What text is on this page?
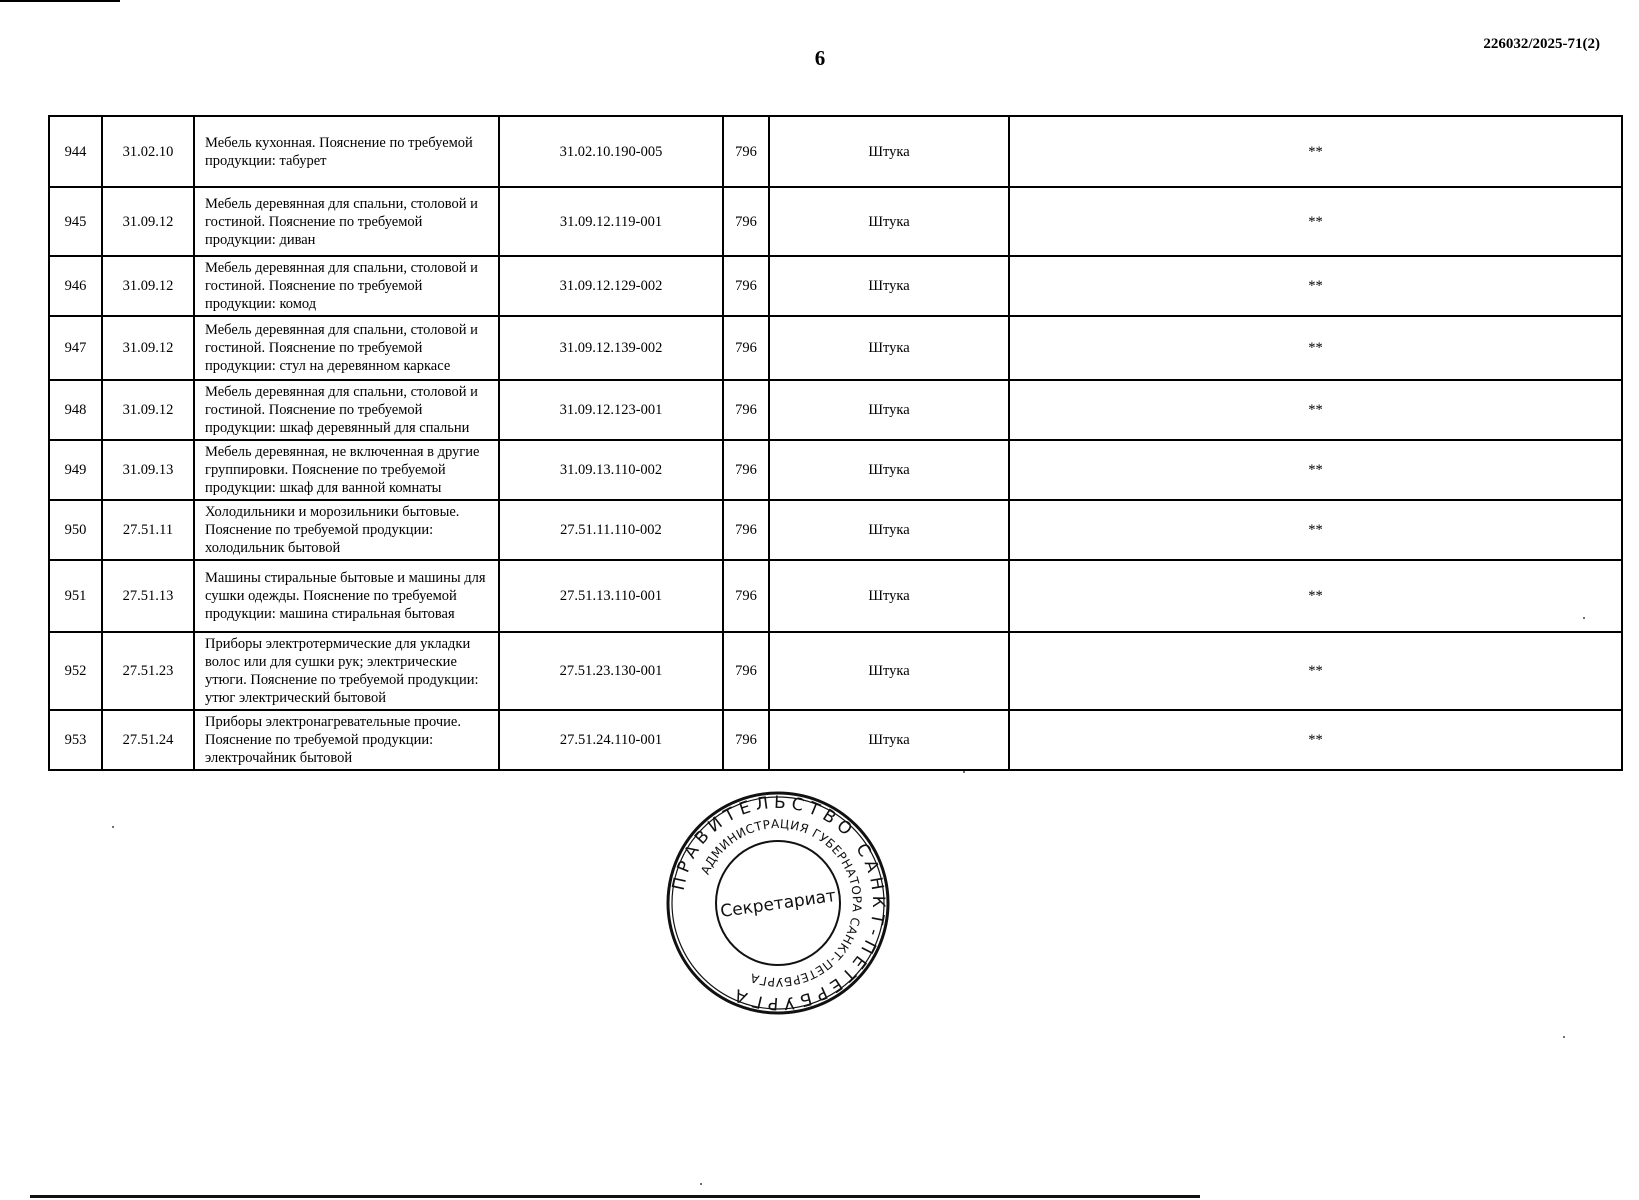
6
226032/2025-71(2)
944	31.02.10	Мебель кухонная. Пояснение по требуемой продукции: табурет	31.02.10.190-005	796	Штука	**
945	31.09.12	Мебель деревянная для спальни, столовой и гостиной. Пояснение по требуемой продукции: диван	31.09.12.119-001	796	Штука	**
946	31.09.12	Мебель деревянная для спальни, столовой и гостиной. Пояснение по требуемой продукции: комод	31.09.12.129-002	796	Штука	**
947	31.09.12	Мебель деревянная для спальни, столовой и гостиной. Пояснение по требуемой продукции: стул на деревянном каркасе	31.09.12.139-002	796	Штука	**
948	31.09.12	Мебель деревянная для спальни, столовой и гостиной. Пояснение по требуемой продукции: шкаф деревянный для спальни	31.09.12.123-001	796	Штука	**
949	31.09.13	Мебель деревянная, не включенная в другие группировки. Пояснение по требуемой продукции: шкаф для ванной комнаты	31.09.13.110-002	796	Штука	**
950	27.51.11	Холодильники и морозильники бытовые. Пояснение по требуемой продукции: холодильник бытовой	27.51.11.110-002	796	Штука	**
951	27.51.13	Машины стиральные бытовые и машины для сушки одежды. Пояснение по требуемой продукции: машина стиральная бытовая	27.51.13.110-001	796	Штука	**
952	27.51.23	Приборы электротермические для укладки волос или для сушки рук; электрические утюги. Пояснение по требуемой продукции: утюг электрический бытовой	27.51.23.130-001	796	Штука	**
953	27.51.24	Приборы электронагревательные прочие. Пояснение по требуемой продукции: электрочайник бытовой	27.51.24.110-001	796	Штука	**
ПРАВИТЕЛЬСТВО САНКТ-ПЕТЕРБУРГА
АДМИНИСТРАЦИЯ ГУБЕРНАТОРА САНКТ-ПЕТЕРБУРГА
Секретариат
